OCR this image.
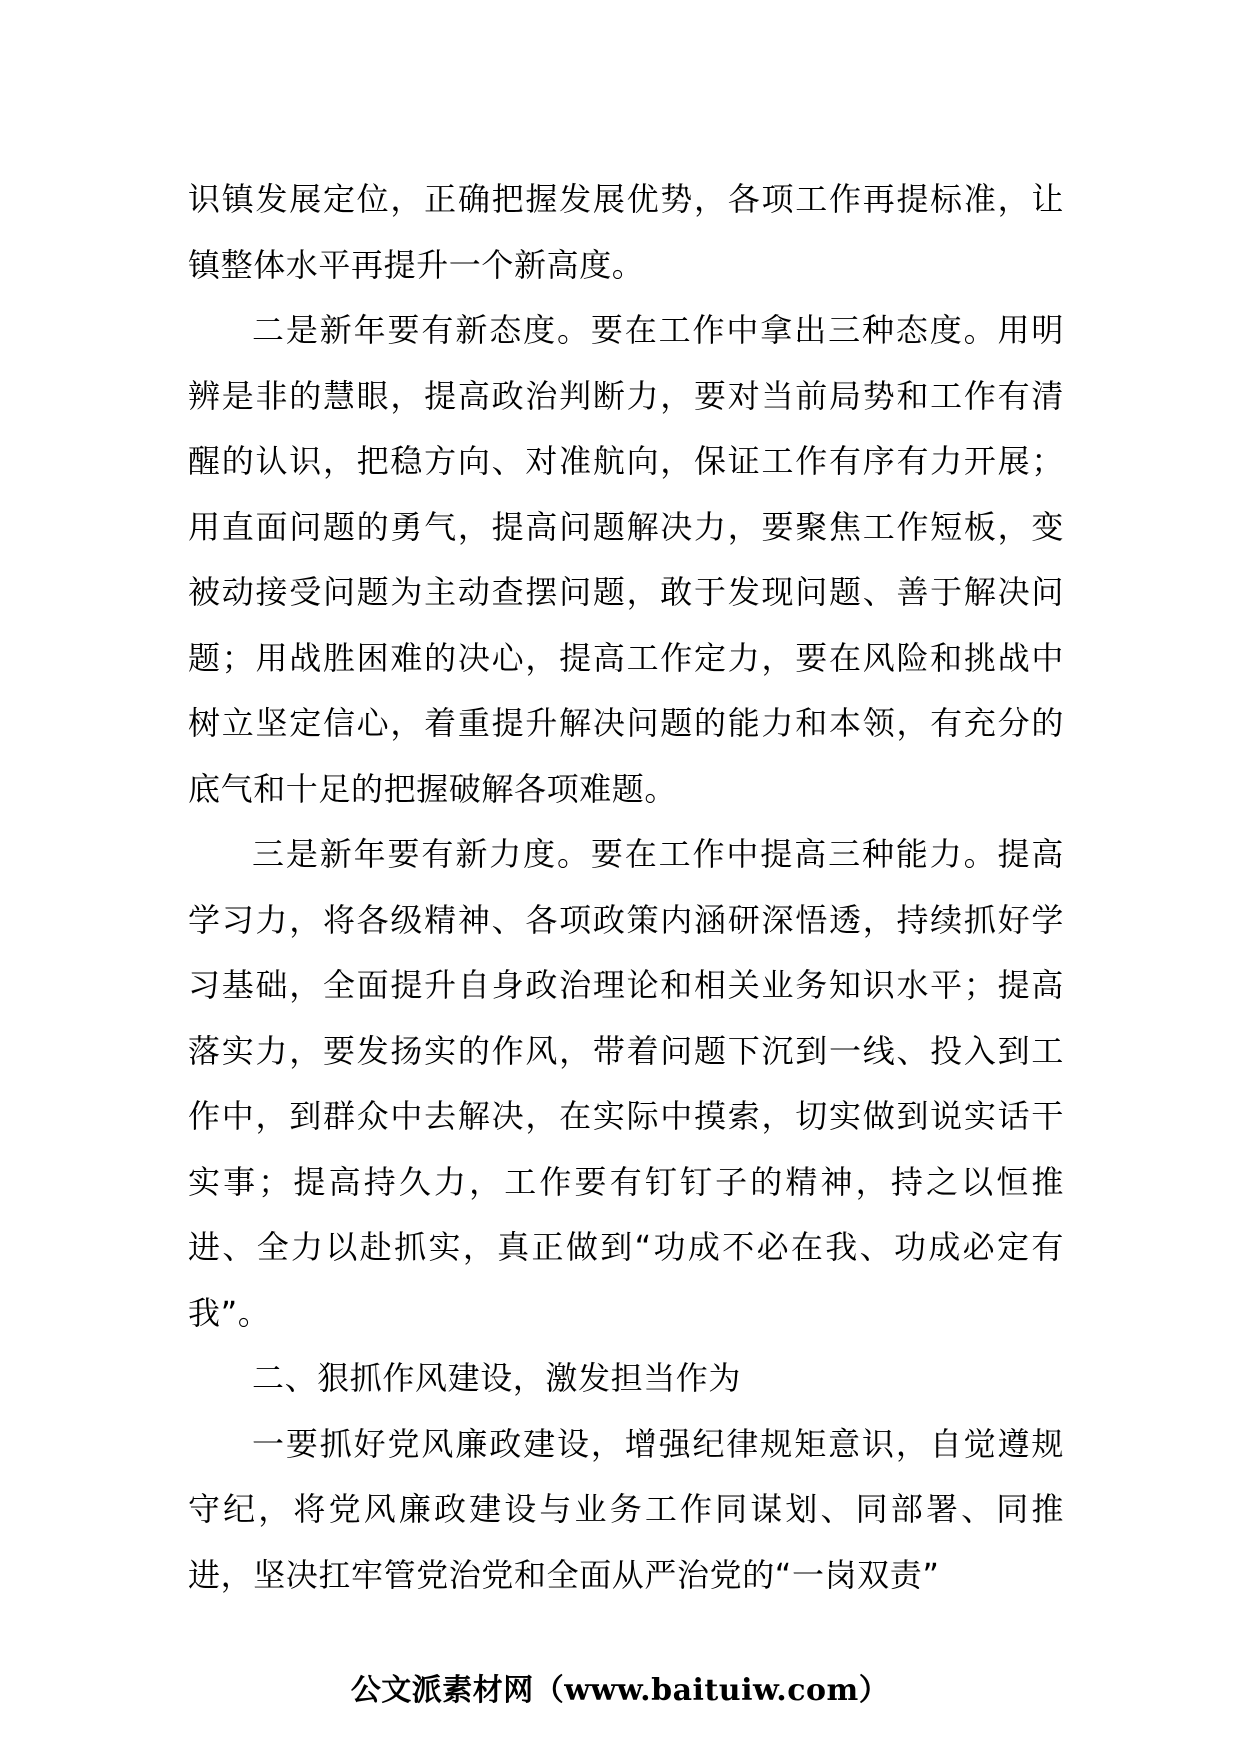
识镇发展定位，正确把握发展优势，各项工作再提标准，让镇整体水平再提升一个新高度。

二是新年要有新态度。要在工作中拿出三种态度。用明辨是非的慧眼，提高政治判断力，要对当前局势和工作有清醒的认识，把稳方向、对准航向，保证工作有序有力开展；用直面问题的勇气，提高问题解决力，要聚焦工作短板，变被动接受问题为主动查摆问题，敢于发现问题、善于解决问题；用战胜困难的决心，提高工作定力，要在风险和挑战中树立坚定信心，着重提升解决问题的能力和本领，有充分的底气和十足的把握破解各项难题。

三是新年要有新力度。要在工作中提高三种能力。提高学习力，将各级精神、各项政策内涵研深悟透，持续抓好学习基础，全面提升自身政治理论和相关业务知识水平；提高落实力，要发扬实的作风，带着问题下沉到一线、投入到工作中，到群众中去解决，在实际中摸索，切实做到说实话干实事；提高持久力，工作要有钉钉子的精神，持之以恒推进、全力以赴抓实，真正做到“功成不必在我、功成必定有我”。

二、狠抓作风建设，激发担当作为

一要抓好党风廉政建设，增强纪律规矩意识，自觉遵规守纪，将党风廉政建设与业务工作同谋划、同部署、同推进，坚决扛牢管党治党和全面从严治党的“一岗双责”

公文派素材网（www.baituiw.com）
